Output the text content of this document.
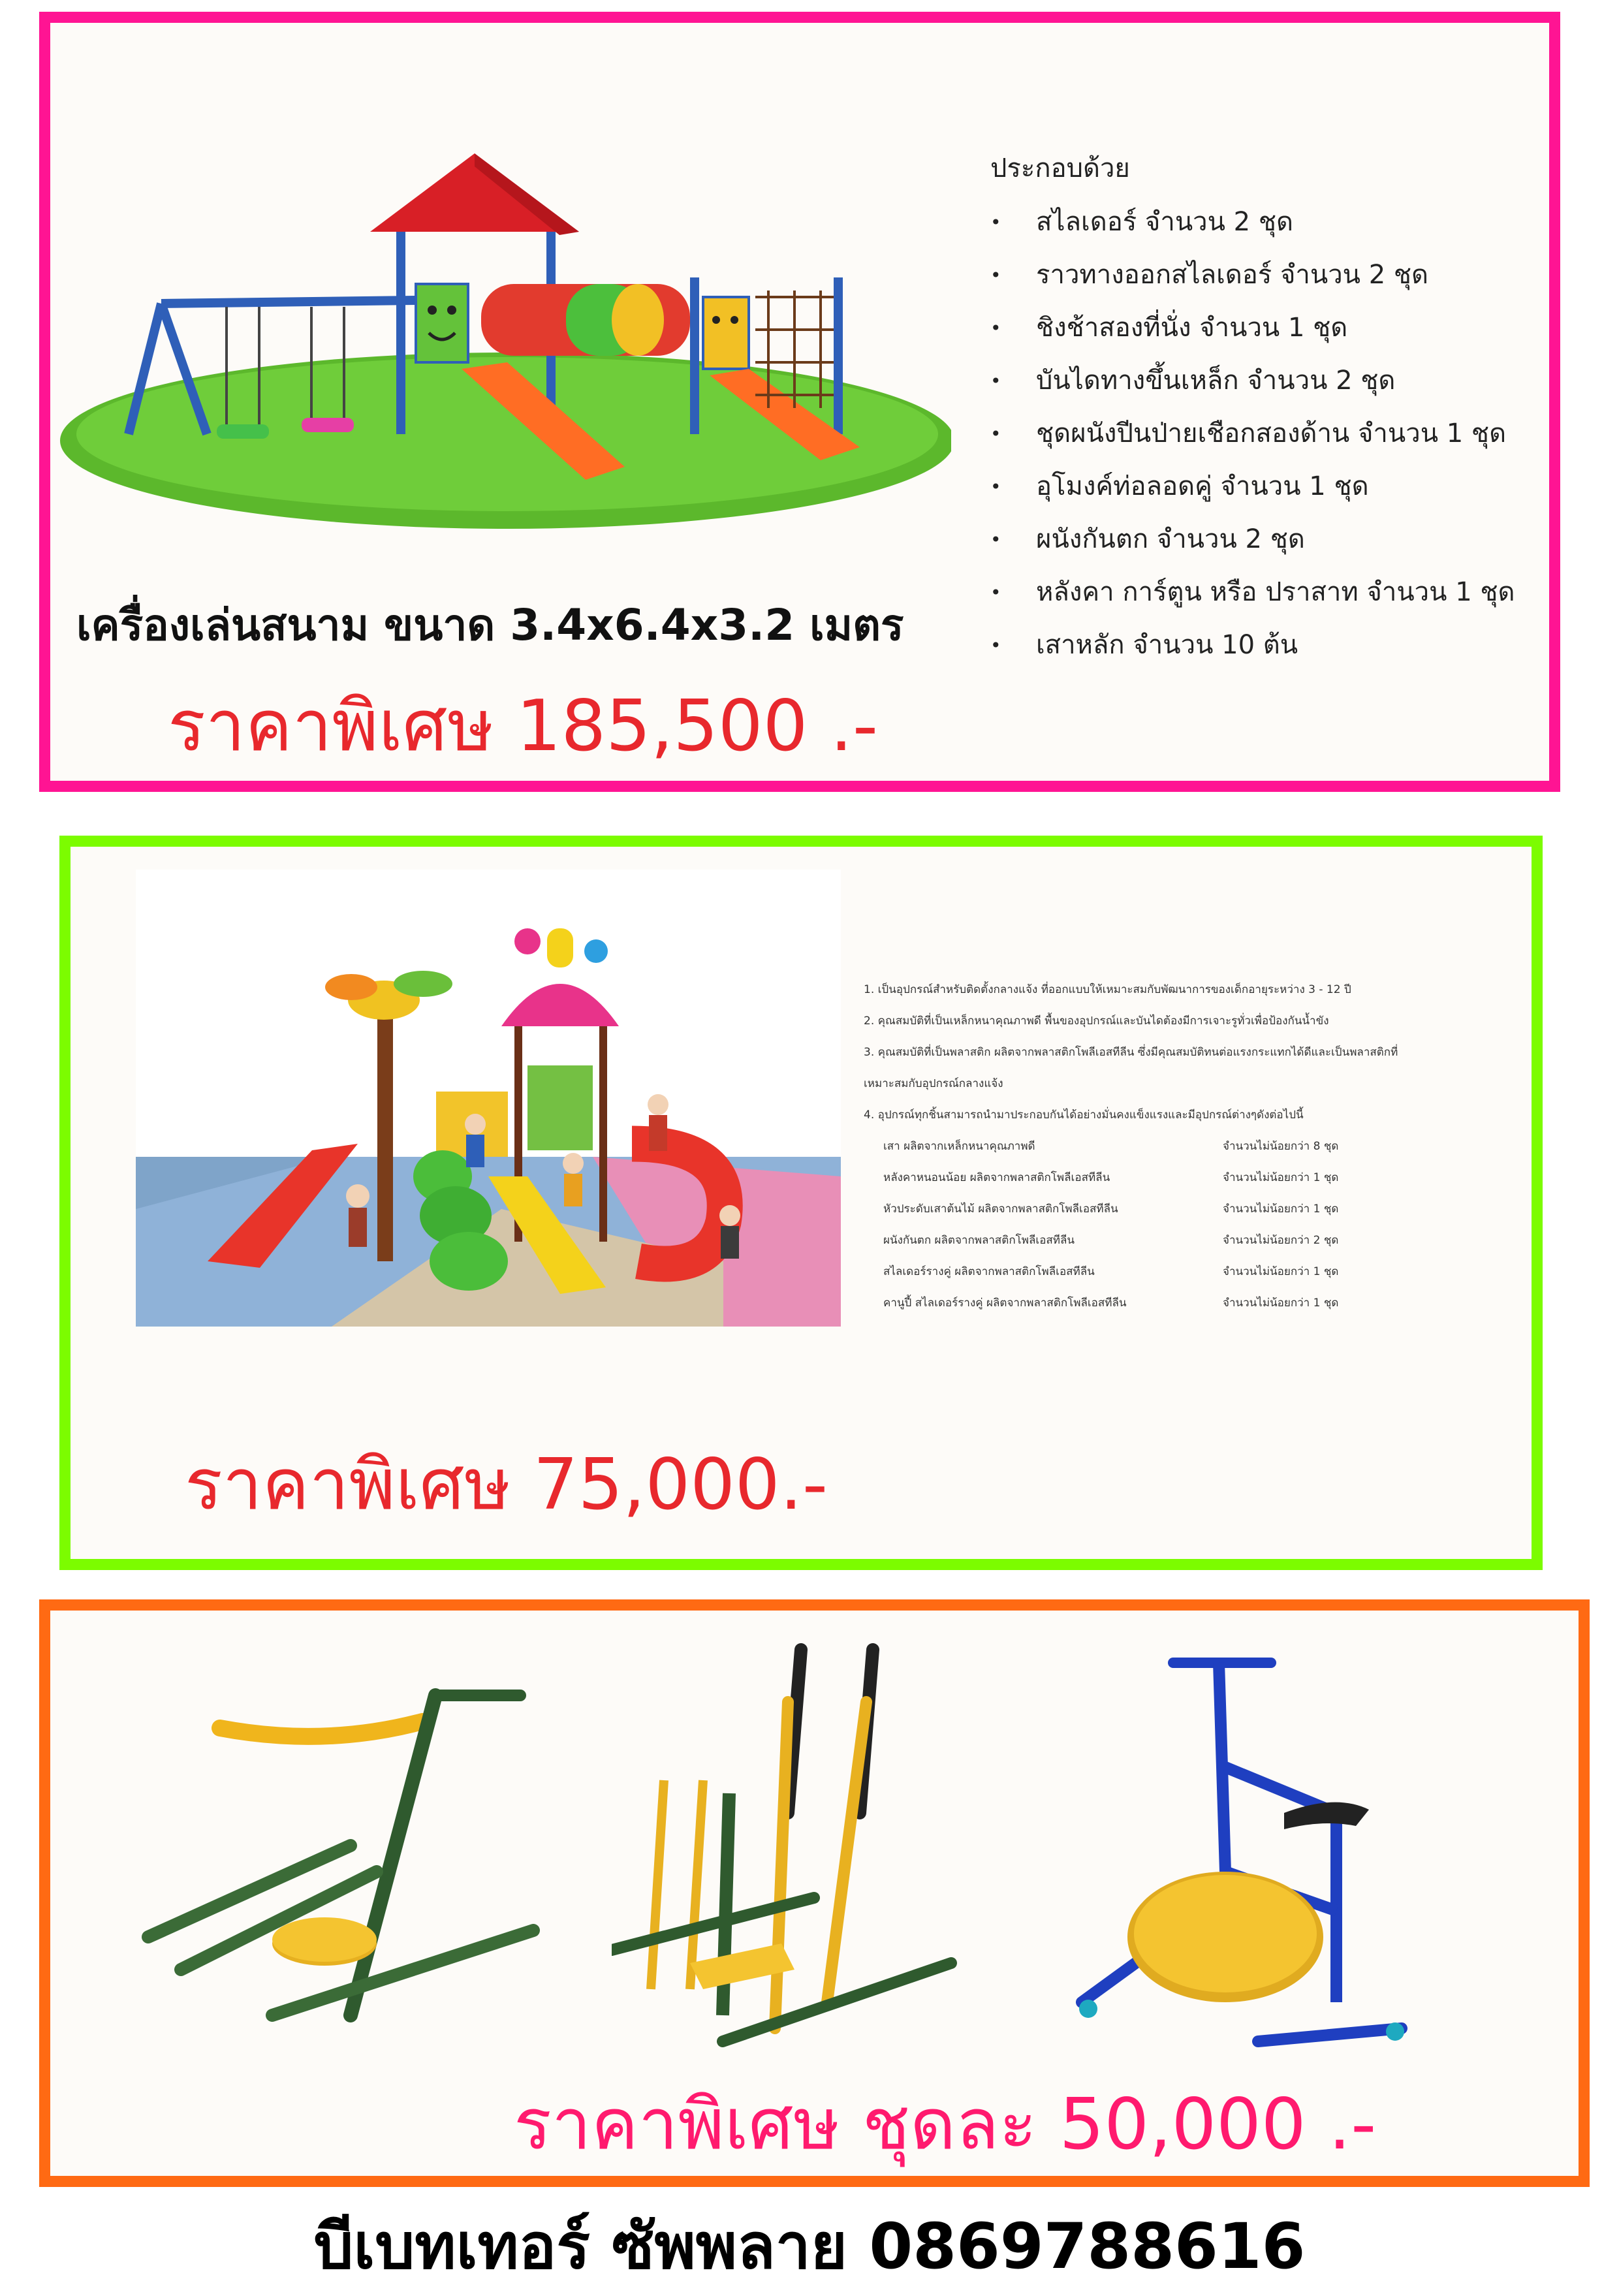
ประกอบด้วย
• สไลเดอร์ จำนวน 2 ชุด
• ราวทางออกสไลเดอร์ จำนวน 2 ชุด
• ชิงช้าสองที่นั่ง จำนวน 1 ชุด
• บันไดทางขึ้นเหล็ก จำนวน 2 ชุด
• ชุดผนังปีนป่ายเชือกสองด้าน จำนวน 1 ชุด
• อุโมงค์ท่อลอดคู่ จำนวน 1 ชุด
• ผนังกันตก จำนวน 2 ชุด
• หลังคา การ์ตูน หรือ ปราสาท จำนวน 1 ชุด
• เสาหลัก จำนวน 10 ต้น
เครื่องเล่นสนาม ขนาด 3.4x6.4x3.2 เมตร
ราคาพิเศษ 185,500 .-
1. เป็นอุปกรณ์สำหรับติดตั้งกลางแจ้ง ที่ออกแบบให้เหมาะสมกับพัฒนาการของเด็กอายุระหว่าง 3 - 12 ปี
2. คุณสมบัติที่เป็นเหล็กหนาคุณภาพดี พื้นของอุปกรณ์และบันไดต้องมีการเจาะรูทั่วเพื่อป้องกันน้ำขัง
3. คุณสมบัติที่เป็นพลาสติก ผลิตจากพลาสติกโพลีเอสทีลีน ซึ่งมีคุณสมบัติทนต่อแรงกระแทกได้ดีและเป็นพลาสติกที่
เหมาะสมกับอุปกรณ์กลางแจ้ง
4. อุปกรณ์ทุกชิ้นสามารถนำมาประกอบกันได้อย่างมั่นคงแข็งแรงและมีอุปกรณ์ต่างๆดังต่อไปนี้
เสา ผลิตจากเหล็กหนาคุณภาพดี	จำนวนไม่น้อยกว่า 8 ชุด
หลังคาหนอนน้อย ผลิตจากพลาสติกโพลีเอสทีลีน	จำนวนไม่น้อยกว่า 1 ชุด
หัวประดับเสาต้นไม้ ผลิตจากพลาสติกโพลีเอสทีลีน	จำนวนไม่น้อยกว่า 1 ชุด
ผนังกันตก ผลิตจากพลาสติกโพลีเอสทีลีน	จำนวนไม่น้อยกว่า 2 ชุด
สไลเดอร์รางคู่ ผลิตจากพลาสติกโพลีเอสทีลีน	จำนวนไม่น้อยกว่า 1 ชุด
คานูปี้ สไลเดอร์รางคู่ ผลิตจากพลาสติกโพลีเอสทีลีน	จำนวนไม่น้อยกว่า 1 ชุด
ราคาพิเศษ 75,000.-
ราคาพิเศษ ชุดละ 50,000 .-
บีเบทเทอร์ ซัพพลาย 0869788616
